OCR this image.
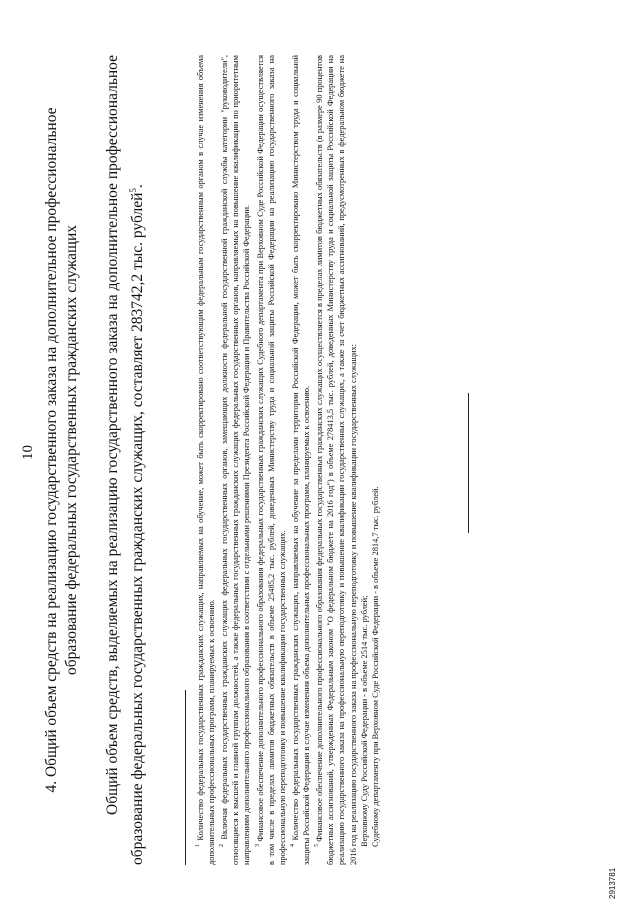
10
4. Общий объем средств на реализацию государственного заказа на дополнительное профессиональное образование федеральных государственных гражданских служащих Общий объем средств, выделяемых на реализацию государственного заказа на дополнительное профессиональное образование федеральных государственных гражданских служащих, составляет 283742,2 тыс. рублей$^5$.

$^1$ Количество федеральных государственных гражданских служащих, направляемых на обучение, может быть скорректировано соответствующим федеральным государственным органом в случае изменения объема дополнительных профессиональных программ, планируемых к освоению. $^2$ Включая федеральных государственных гражданских служащих федеральных государственных органов, замещающих должности федеральной государственной гражданской службы категории "руководители", относящиеся к высшей и главной группам должностей, а также федеральных государственных гражданских служащих федеральных государственных органов, направляемых на повышение квалификации по приоритетным направлениям дополнительного профессионального образования в соответствии с отдельными решениями Президента Российской Федерации и Правительства Российской Федерации. $^3$ Финансовое обеспечение дополнительного профессионального образования федеральных государственных гражданских служащих Судебного департамента при Верховном Суде Российской Федерации осуществляется в том числе в пределах лимитов бюджетных обязательств в объеме 25485,2 тыс. рублей, доведенных Министерству труда и социальной защиты Российской Федерации на реализацию государственного заказа на профессиональную переподготовку и повышение квалификации государственных служащих. $^4$ Количество федеральных государственных гражданских служащих, направляемых на обучение за пределами территории Российской Федерации, может быть скорректировано Министерством труда и социальной защиты Российской Федерации в случае изменения объема дополнительных профессиональных программ, планируемых к освоению. $^5$ Финансовое обеспечение дополнительного профессионального образования федеральных государственных гражданских служащих осуществляется в пределах лимитов бюджетных обязательств (в размере 90 процентов бюджетных ассигнований, утвержденных Федеральным законом "О федеральном бюджете на 2016 год") в объеме 278413,5 тыс. рублей, доведенных Министерству труда и социальной защиты Российской Федерации на реализацию государственного заказа на профессиональную переподготовку и повышение квалификации государственных служащих, а также за счет бюджетных ассигнований, предусмотренных в федеральном бюджете на 2016 год на реализацию государственного заказа на профессиональную переподготовку и повышение квалификации государственных служащих: Верховному Суду Российской Федерации - в объеме 2514 тыс. рублей; Судебному департаменту при Верховном Суде Российской Федерации - в объеме 2814,7 тыс. рублей.

2913781
